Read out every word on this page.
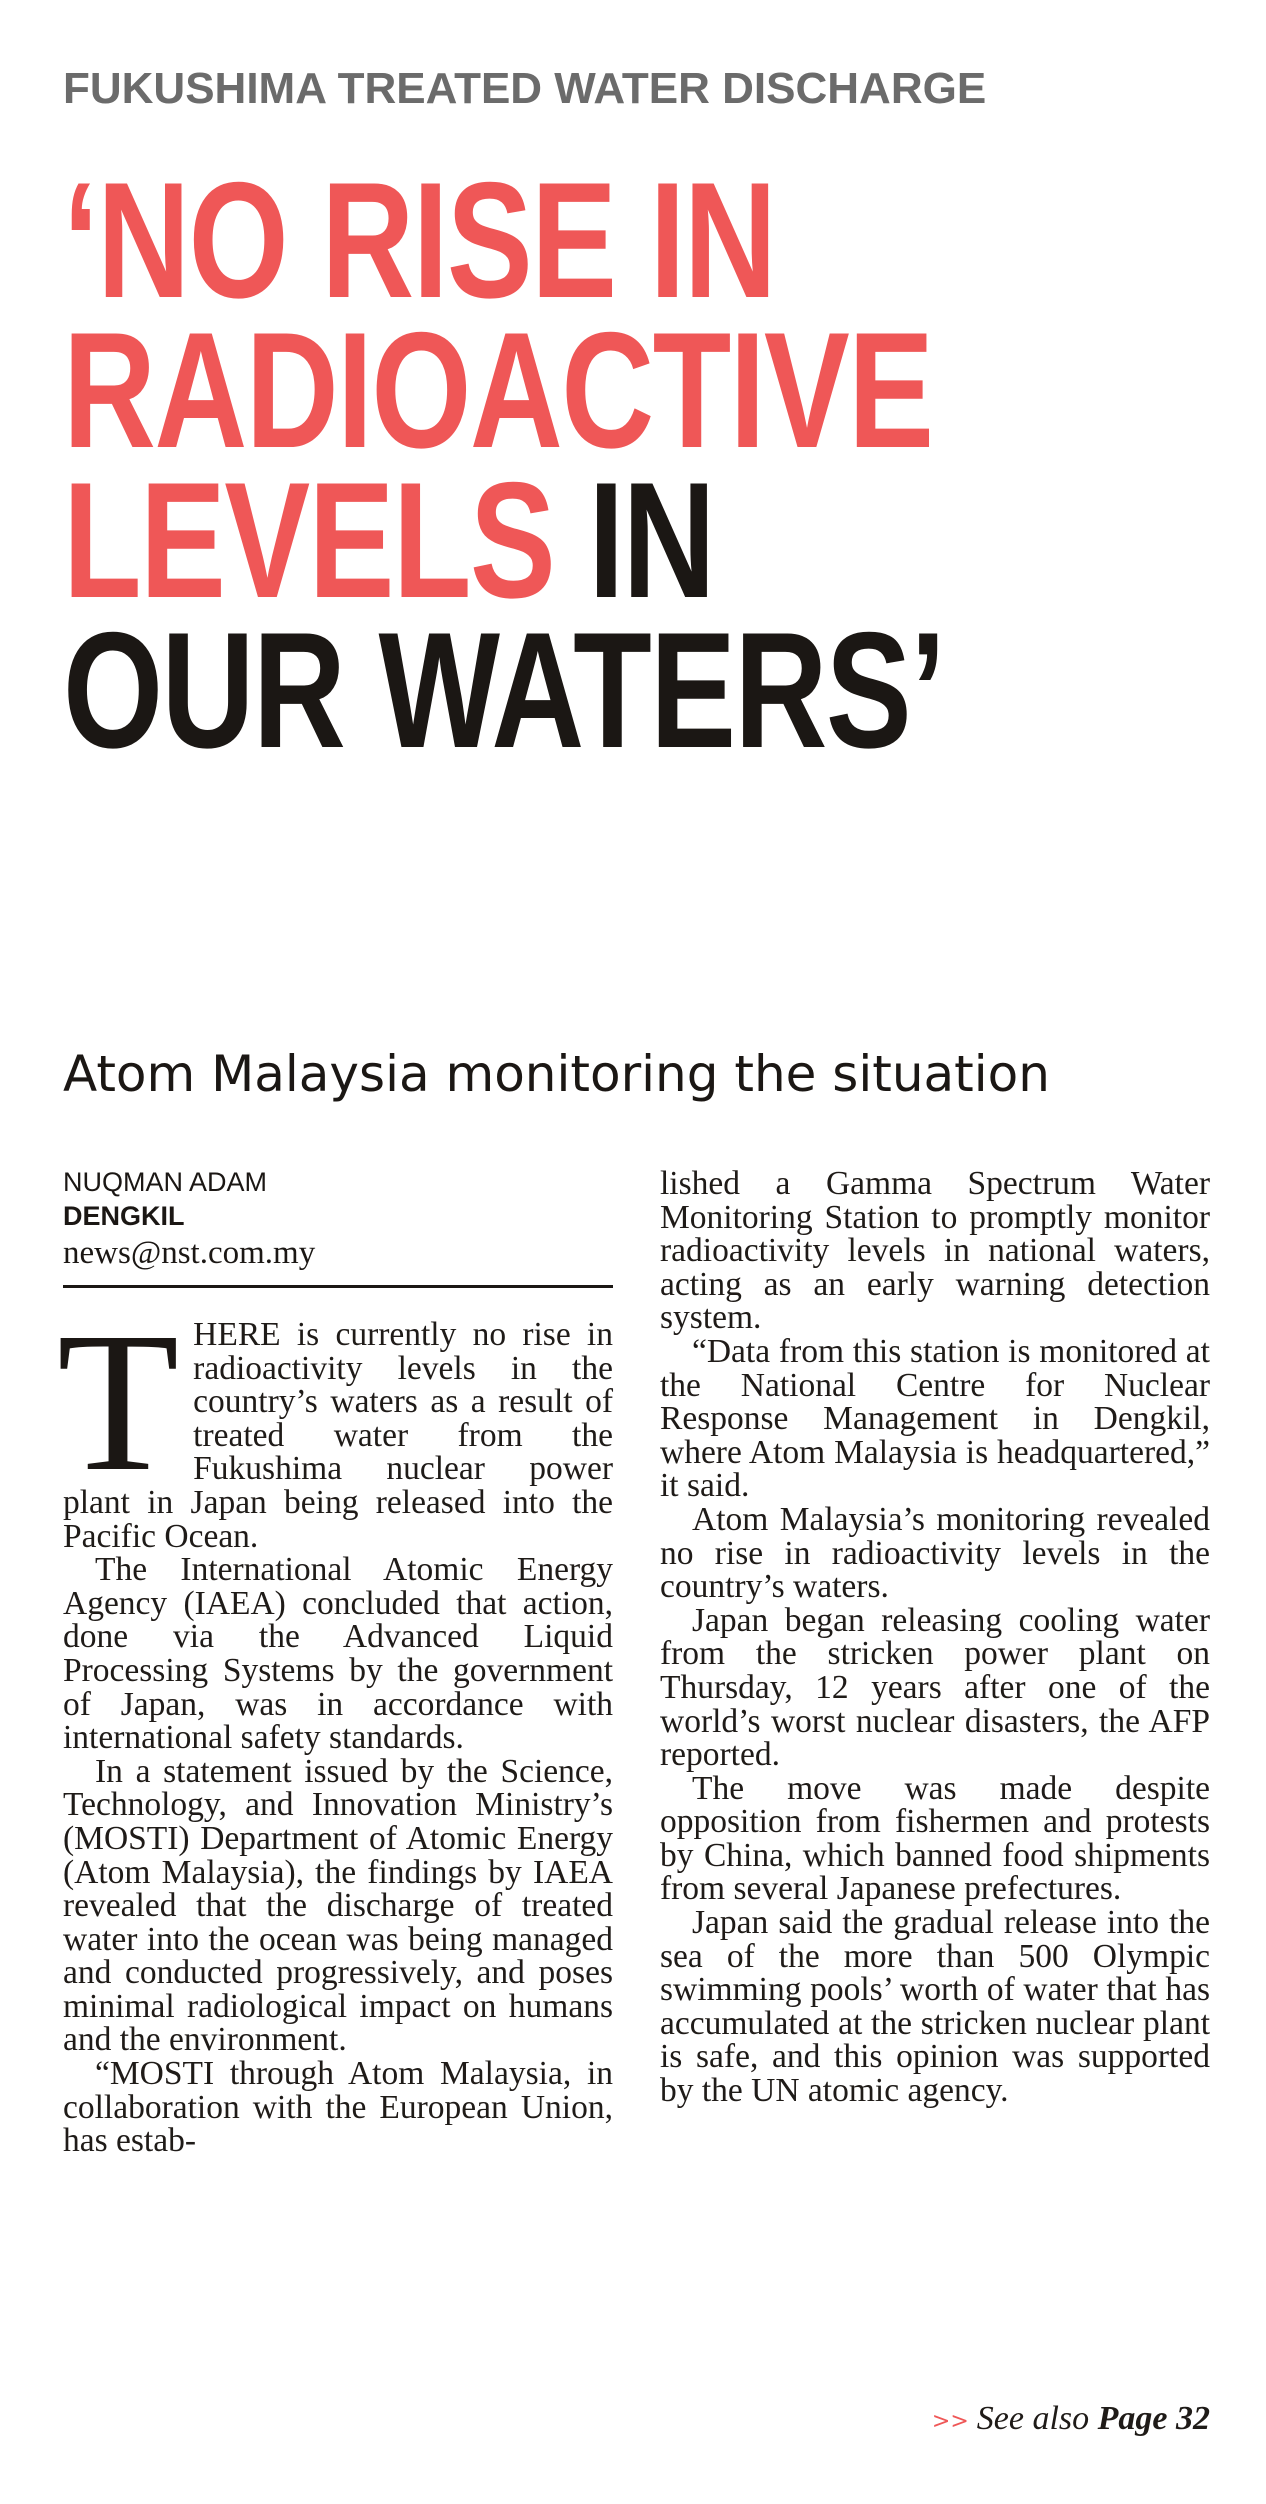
FUKUSHIMA TREATED WATER DISCHARGE
‘NO RISE IN
RADIOACTIVE
LEVELS IN
OUR WATERS’
Atom Malaysia monitoring the situation
NUQMAN ADAM
DENGKIL
news@nst.com.my

THERE is currently no rise in radioactivity levels in the country’s waters as a result of treated water from the Fukushima nuclear power plant in Japan being released into the Pacific Ocean.

The International Atomic Energy Agency (IAEA) concluded that action, done via the Advanced Liquid Processing Systems by the government of Japan, was in accordance with international safety standards.

In a statement issued by the Science, Technology, and Innovation Ministry’s (MOSTI) Department of Atomic Energy (Atom Malaysia), the findings by IAEA revealed that the discharge of treated water into the ocean was being managed and conducted progressively, and poses minimal radiological impact on humans and the environment.

“MOSTI through Atom Malaysia, in collaboration with the European Union, has estab-

lished a Gamma Spectrum Water Monitoring Station to promptly monitor radioactivity levels in national waters, acting as an early warning detection system.

“Data from this station is monitored at the National Centre for Nuclear Response Management in Dengkil, where Atom Malaysia is headquartered,” it said.

Atom Malaysia’s monitoring revealed no rise in radioactivity levels in the country’s waters.

Japan began releasing cooling water from the stricken power plant on Thursday, 12 years after one of the world’s worst nuclear disasters, the AFP reported.

The move was made despite opposition from fishermen and protests by China, which banned food shipments from several Japanese prefectures.

Japan said the gradual release into the sea of the more than 500 Olympic swimming pools’ worth of water that has accumulated at the stricken nuclear plant is safe, and this opinion was supported by the UN atomic agency.

>> See also Page 32
